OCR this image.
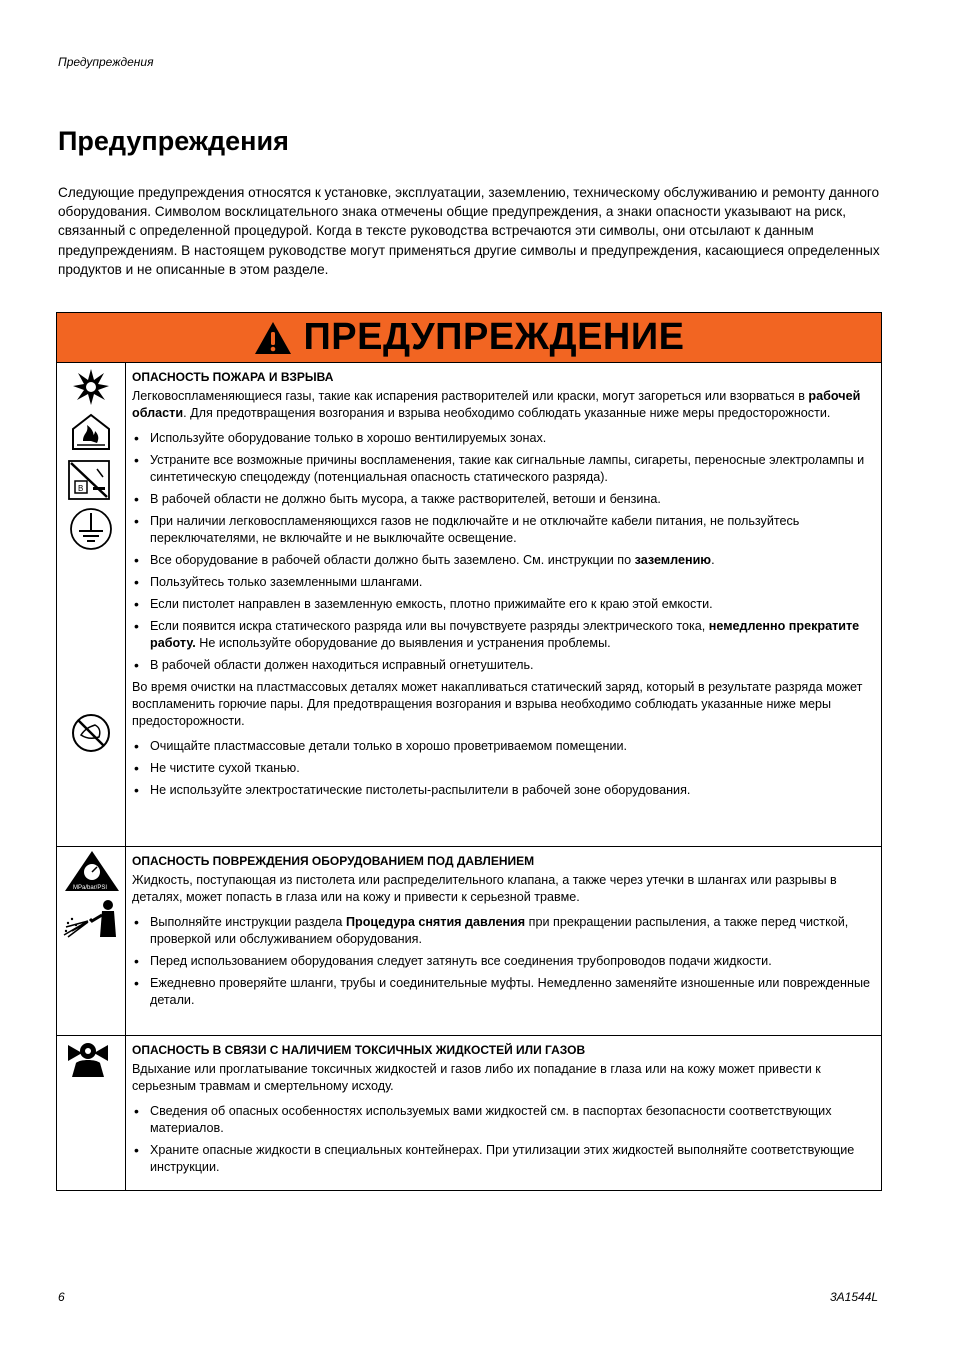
Предупреждения
Предупреждения

Следующие предупреждения относятся к установке, эксплуатации, заземлению, техническому обслуживанию и ремонту данного оборудования. Символом восклицательного знака отмечены общие предупреждения, а знаки опасности указывают на риск, связанный с определенной процедурой. Когда в тексте руководства встречаются эти символы, они отсылают к данным предупреждениям. В настоящем руководстве могут применяться другие символы и предупреждения, касающиеся определенных продуктов и не описанные в этом разделе.

ПРЕДУПРЕЖДЕНИЕ
B
ОПАСНОСТЬ ПОЖАРА И ВЗРЫВА

Легковоспламеняющиеся газы, такие как испарения растворителей или краски, могут загореться или взорваться в рабочей области. Для предотвращения возгорания и взрыва необходимо соблюдать указанные ниже меры предосторожности.

• Используйте оборудование только в хорошо вентилируемых зонах.
• Устраните все возможные причины воспламенения, такие как сигнальные лампы, сигареты, переносные электролампы и синтетическую спецодежду (потенциальная опасность статического разряда).
• В рабочей области не должно быть мусора, а также растворителей, ветоши и бензина.
• При наличии легковоспламеняющихся газов не подключайте и не отключайте кабели питания, не пользуйтесь переключателями, не включайте и не выключайте освещение.
• Все оборудование в рабочей области должно быть заземлено. См. инструкции по заземлению.
• Пользуйтесь только заземленными шлангами.
• Если пистолет направлен в заземленную емкость, плотно прижимайте его к краю этой емкости.
• Если появится искра статического разряда или вы почувствуете разряды электрического тока, немедленно прекратите работу. Не используйте оборудование до выявления и устранения проблемы.
• В рабочей области должен находиться исправный огнетушитель.

Во время очистки на пластмассовых деталях может накапливаться статический заряд, который в результате разряда может воспламенить горючие пары. Для предотвращения возгорания и взрыва необходимо соблюдать указанные ниже меры предосторожности.

• Очищайте пластмассовые детали только в хорошо проветриваемом помещении.
• Не чистите сухой тканью.
• Не используйте электростатические пистолеты-распылители в рабочей зоне оборудования.
MPa/bar/PSI
ОПАСНОСТЬ ПОВРЕЖДЕНИЯ ОБОРУДОВАНИЕМ ПОД ДАВЛЕНИЕМ

Жидкость, поступающая из пистолета или распределительного клапана, а также через утечки в шлангах или разрывы в деталях, может попасть в глаза или на кожу и привести к серьезной травме.

• Выполняйте инструкции раздела Процедура снятия давления при прекращении распыления, а также перед чисткой, проверкой или обслуживанием оборудования.
• Перед использованием оборудования следует затянуть все соединения трубопроводов подачи жидкости.
• Ежедневно проверяйте шланги, трубы и соединительные муфты. Немедленно заменяйте изношенные или поврежденные детали.
ОПАСНОСТЬ В СВЯЗИ С НАЛИЧИЕМ ТОКСИЧНЫХ ЖИДКОСТЕЙ ИЛИ ГАЗОВ

Вдыхание или проглатывание токсичных жидкостей и газов либо их попадание в глаза или на кожу может привести к серьезным травмам и смертельному исходу.

• Сведения об опасных особенностях используемых вами жидкостей см. в паспортах безопасности соответствующих материалов.
• Храните опасные жидкости в специальных контейнерах. При утилизации этих жидкостей выполняйте соответствующие инструкции.
6	3A1544L
